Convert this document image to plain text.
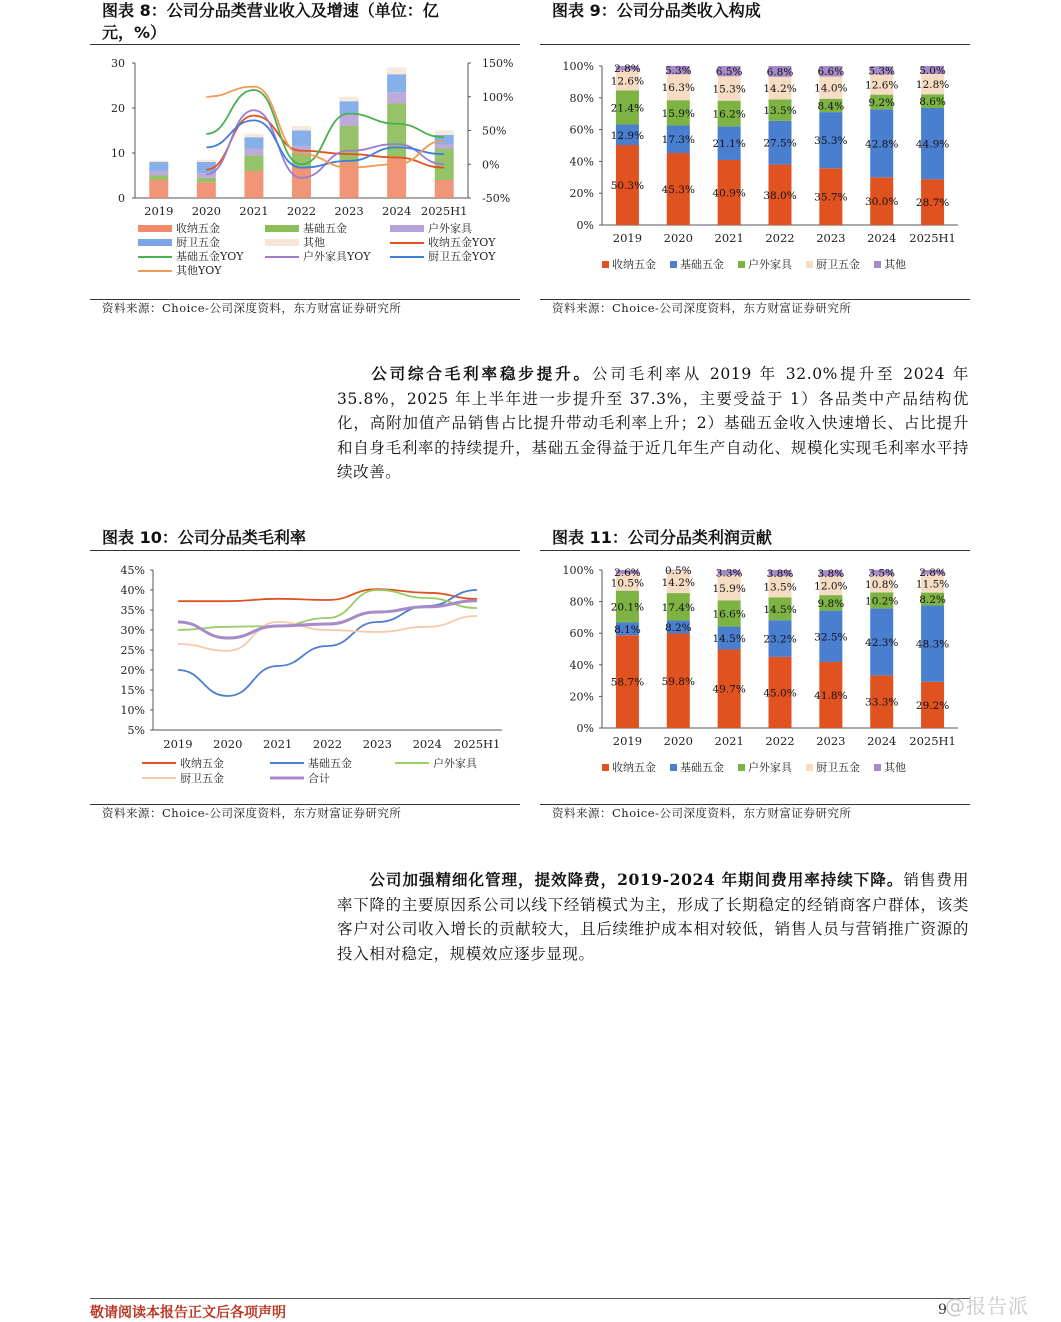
图表 8：公司分品类营业收入及增速（单位：亿
元，%）
30
20
10
0
150%
100%
50%
0%
-50%
2019 2020 2021 2022 2023 2024 2025H1
收纳五金	基础五金	户外家具
厨卫五金	其他	收纳五金YOY
基础五金YOY	户外家具YOY	厨卫五金YOY
其他YOY
资料来源：Choice-公司深度资料，东方财富证券研究所
图表 9：公司分品类收入构成
100%
80%
60%
40%
20%
0%
50.3%
12.9%
21.4%
12.6%
2.8%
2019
45.3%
17.3%
15.9%
16.3%
5.3%
2020
40.9%
21.1%
16.2%
15.3%
6.5%
2021
38.0%
27.5%
13.5%
14.2%
6.8%
2022
35.7%
35.3%
8.4%
14.0%
6.6%
2023
30.0%
42.8%
9.2%
12.6%
5.3%
2024
28.7%
44.9%
8.6%
12.8%
5.0%
2025H1
收纳五金 基础五金 户外家具 厨卫五金 其他
资料来源：Choice-公司深度资料，东方财富证券研究所
公司综合毛利率稳步提升。公司毛利率从 2019 年 32.0%提升至 2024 年 35.8%，2025 年上半年进一步提升至 37.3%，主要受益于 1）各品类中产品结构优化，高附加值产品销售占比提升带动毛利率上升；2）基础五金收入快速增长、占比提升和自身毛利率的持续提升，基础五金得益于近几年生产自动化、规模化实现毛利率水平持续改善。
图表 10：公司分品类毛利率
45%
40%
35%
30%
25%
20%
15%
10%
5%
2019 2020 2021 2022 2023 2024 2025H1
收纳五金	基础五金	户外家具
厨卫五金	合计
资料来源：Choice-公司深度资料，东方财富证券研究所
图表 11：公司分品类利润贡献
100%
80%
60%
40%
20%
0%
58.7%
8.1%
20.1%
10.5%
2.6%
2019
59.8%
8.2%
17.4%
14.2%
0.5%
2020
49.7%
14.5%
16.6%
15.9%
3.3%
2021
45.0%
23.2%
14.5%
13.5%
3.8%
2022
41.8%
32.5%
9.8%
12.0%
3.8%
2023
33.3%
42.3%
10.2%
10.8%
3.5%
2024
29.2%
48.3%
8.2%
11.5%
2.8%
2025H1
收纳五金 基础五金 户外家具 厨卫五金 其他
资料来源：Choice-公司深度资料，东方财富证券研究所
公司加强精细化管理，提效降费，2019-2024 年期间费用率持续下降。销售费用率下降的主要原因系公司以线下经销模式为主，形成了长期稳定的经销商客户群体，该类客户对公司收入增长的贡献较大，且后续维护成本相对较低，销售人员与营销推广资源的投入相对稳定，规模效应逐步显现。
敬请阅读本报告正文后各项声明	9
@报告派
